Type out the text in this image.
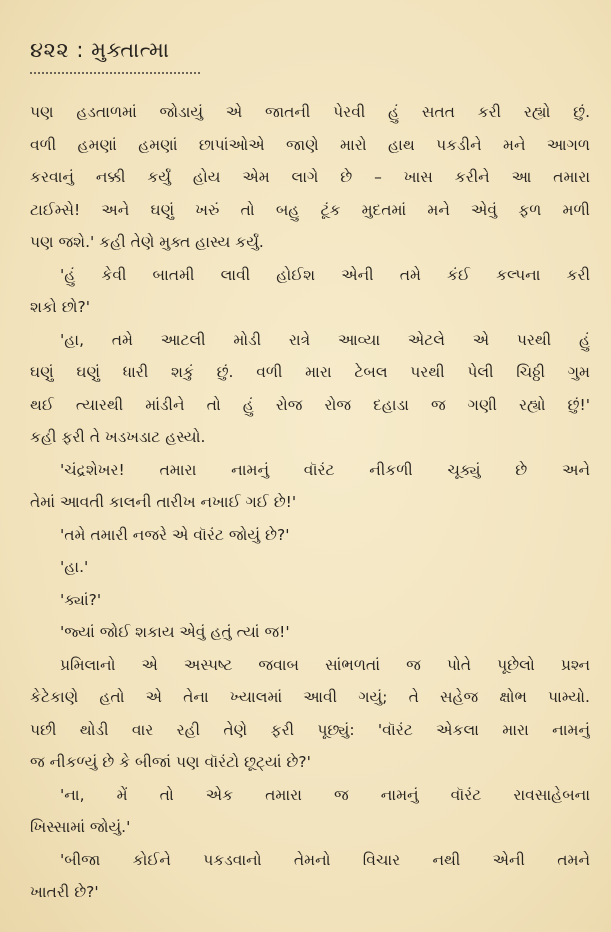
૪૨૨ : મુક્તાત્મા
પણ હડતાળમાં જોડાયું એ જાતની પેરવી હું સતત કરી રહ્યો છું.
વળી હમણાં હમણાં છાપાંઓએ જાણે મારો હાથ પકડીને મને આગળ
કરવાનું નક્કી કર્યું હોય એમ લાગે છે – ખાસ કરીને આ તમારા
ટાઈમ્સે! અને ઘણું ખરું તો બહુ ટૂંક મુદતમાં મને એવું ફળ મળી
પણ જશે.' કહી તેણે મુક્ત હાસ્ય કર્યું.
'હું કેવી બાતમી લાવી હોઈશ એની તમે કંઈ કલ્પના કરી
શકો છો?'
'હા, તમે આટલી મોડી રાત્રે આવ્યા એટલે એ પરથી હું
ઘણું ઘણું ધારી શકું છું. વળી મારા ટેબલ પરથી પેલી ચિઠ્ઠી ગુમ
થઈ ત્યારથી માંડીને તો હું રોજ રોજ દહાડા જ ગણી રહ્યો છું!'
કહી ફરી તે ખડખડાટ હસ્યો.
'ચંદ્રશેખર! તમારા નામનું વૉરંટ નીકળી ચૂક્યું છે અને
તેમાં આવતી કાલની તારીખ નખાઈ ગઈ છે!'
'તમે તમારી નજરે એ વૉરંટ જોયું છે?'
'હા.'
'ક્યાં?'
'જ્યાં જોઈ શકાય એવું હતું ત્યાં જ!'
પ્રમિલાનો એ અસ્પષ્ટ જવાબ સાંભળતાં જ પોતે પૂછેલો પ્રશ્ન
કેટેકાણે હતો એ તેના ખ્યાલમાં આવી ગયું; તે સહેજ ક્ષોભ પામ્યો.
પછી થોડી વાર રહી તેણે ફરી પૂછ્યું: 'વૉરંટ એકલા મારા નામનું
જ નીકળ્યું છે કે બીજાં પણ વૉરંટો છૂટ્યાં છે?'
'ના, મેં તો એક તમારા જ નામનું વૉરંટ રાવસાહેબના
ખિસ્સામાં જોયું.'
'બીજા કોઈને પકડવાનો તેમનો વિચાર નથી એની તમને
ખાતરી છે?'
